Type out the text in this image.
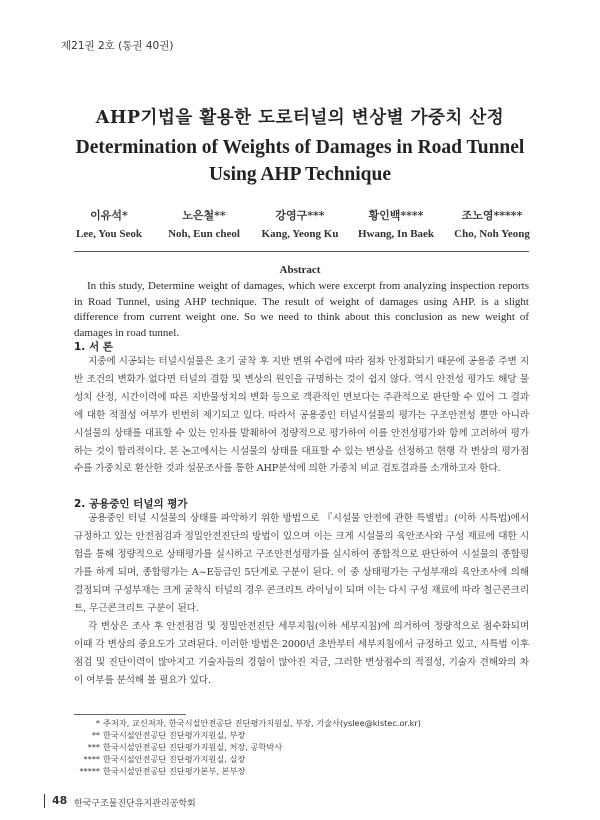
제21권 2호 (통권 40권)
AHP기법을 활용한 도로터널의 변상별 가중치 산정
Determination of Weights of Damages in Road Tunnel
Using AHP Technique
이유석*
Lee, You Seok
노은철**
Noh, Eun cheol
강영구***
Kang, Yeong Ku
황인백****
Hwang, In Baek
조노영*****
Cho, Noh Yeong
Abstract
In this study, Determine weight of damages, which were excerpt from analyzing inspection reports in Road Tunnel, using AHP technique. The result of weight of damages using AHP. is a slight difference from current weight one. So we need to think about this conclusion as new weight of damages in road tunnel.
1. 서 론
지중에 시공되는 터널시설물은 초기 굴착 후 지반 변위 수렴에 따라 점차 안정화되기 때문에 공용중 주변 지반 조건의 변화가 없다면 터널의 결함 및 변상의 원인을 규명하는 것이 쉽지 않다. 역시 안전성 평가도 해당 물성치 산정, 시간이력에 따른 지반물성치의 변화 등으로 객관적인 면보다는 주관적으로 판단할 수 있어 그 결과에 대한 적절성 여부가 빈번히 제기되고 있다. 따라서 공용중인 터널시설물의 평가는 구조안전성 뿐만 아니라 시설물의 상태를 대표할 수 있는 인자를 발췌하여 정량적으로 평가하여 이를 안전성평가와 함께 고려하여 평가하는 것이 합리적이다. 본 논고에서는 시설물의 상태를 대표할 수 있는 변상을 선정하고 현행 각 변상의 평가점수를 가중치로 환산한 것과 설문조사를 통한 AHP분석에 의한 가중치 비교 검토결과를 소개하고자 한다.
2. 공용중인 터널의 평가
공용중인 터널 시설물의 상태를 파악하기 위한 방법으로 『시설물 안전에 관한 특별법』(이하 시특법)에서 규정하고 있는 안전점검과 정밀안전진단의 방법이 있으며 이는 크게 시설물의 육안조사와 구성 재료에 대한 시험을 통해 정량적으로 상태평가를 실시하고 구조안전성평가를 실시하여 종합적으로 판단하여 시설물의 종합평가를 하게 되며, 종합평가는 A~E등급인 5단계로 구분이 된다. 이 중 상태평가는 구성부재의 육안조사에 의해 결정되며 구성부재는 크게 굴착식 터널의 경우 콘크리트 라이닝이 되며 이는 다시 구성 재료에 따라 철근콘크리트, 무근콘크리트 구분이 된다.
각 변상은 조사 후 안전점검 및 정밀안전진단 세부지침(이하 세부지침)에 의거하여 정량적으로 점수화되며 이때 각 변상의 중요도가 고려된다. 이러한 방법은 2000년 초반부터 세부지침에서 규정하고 있고, 시특법 이후 점검 및 진단이력이 많아지고 기술자들의 경험이 많아진 지금, 그러한 변상점수의 적절성, 기술자 견해와의 차이 여부를 분석해 볼 필요가 있다.
* 주저자, 교신저자, 한국시설안전공단 진단평가지원실, 부장, 기술사(yslee@kistec.or.kr)
** 한국시설안전공단 진단평가지원실, 부장
*** 한국시설안전공단 진단평가지원실, 처장, 공학박사
**** 한국시설안전공단 진단평가지원실, 실장
***** 한국시설안전공단 진단평가본부, 본부장
48 한국구조물진단유지관리공학회
